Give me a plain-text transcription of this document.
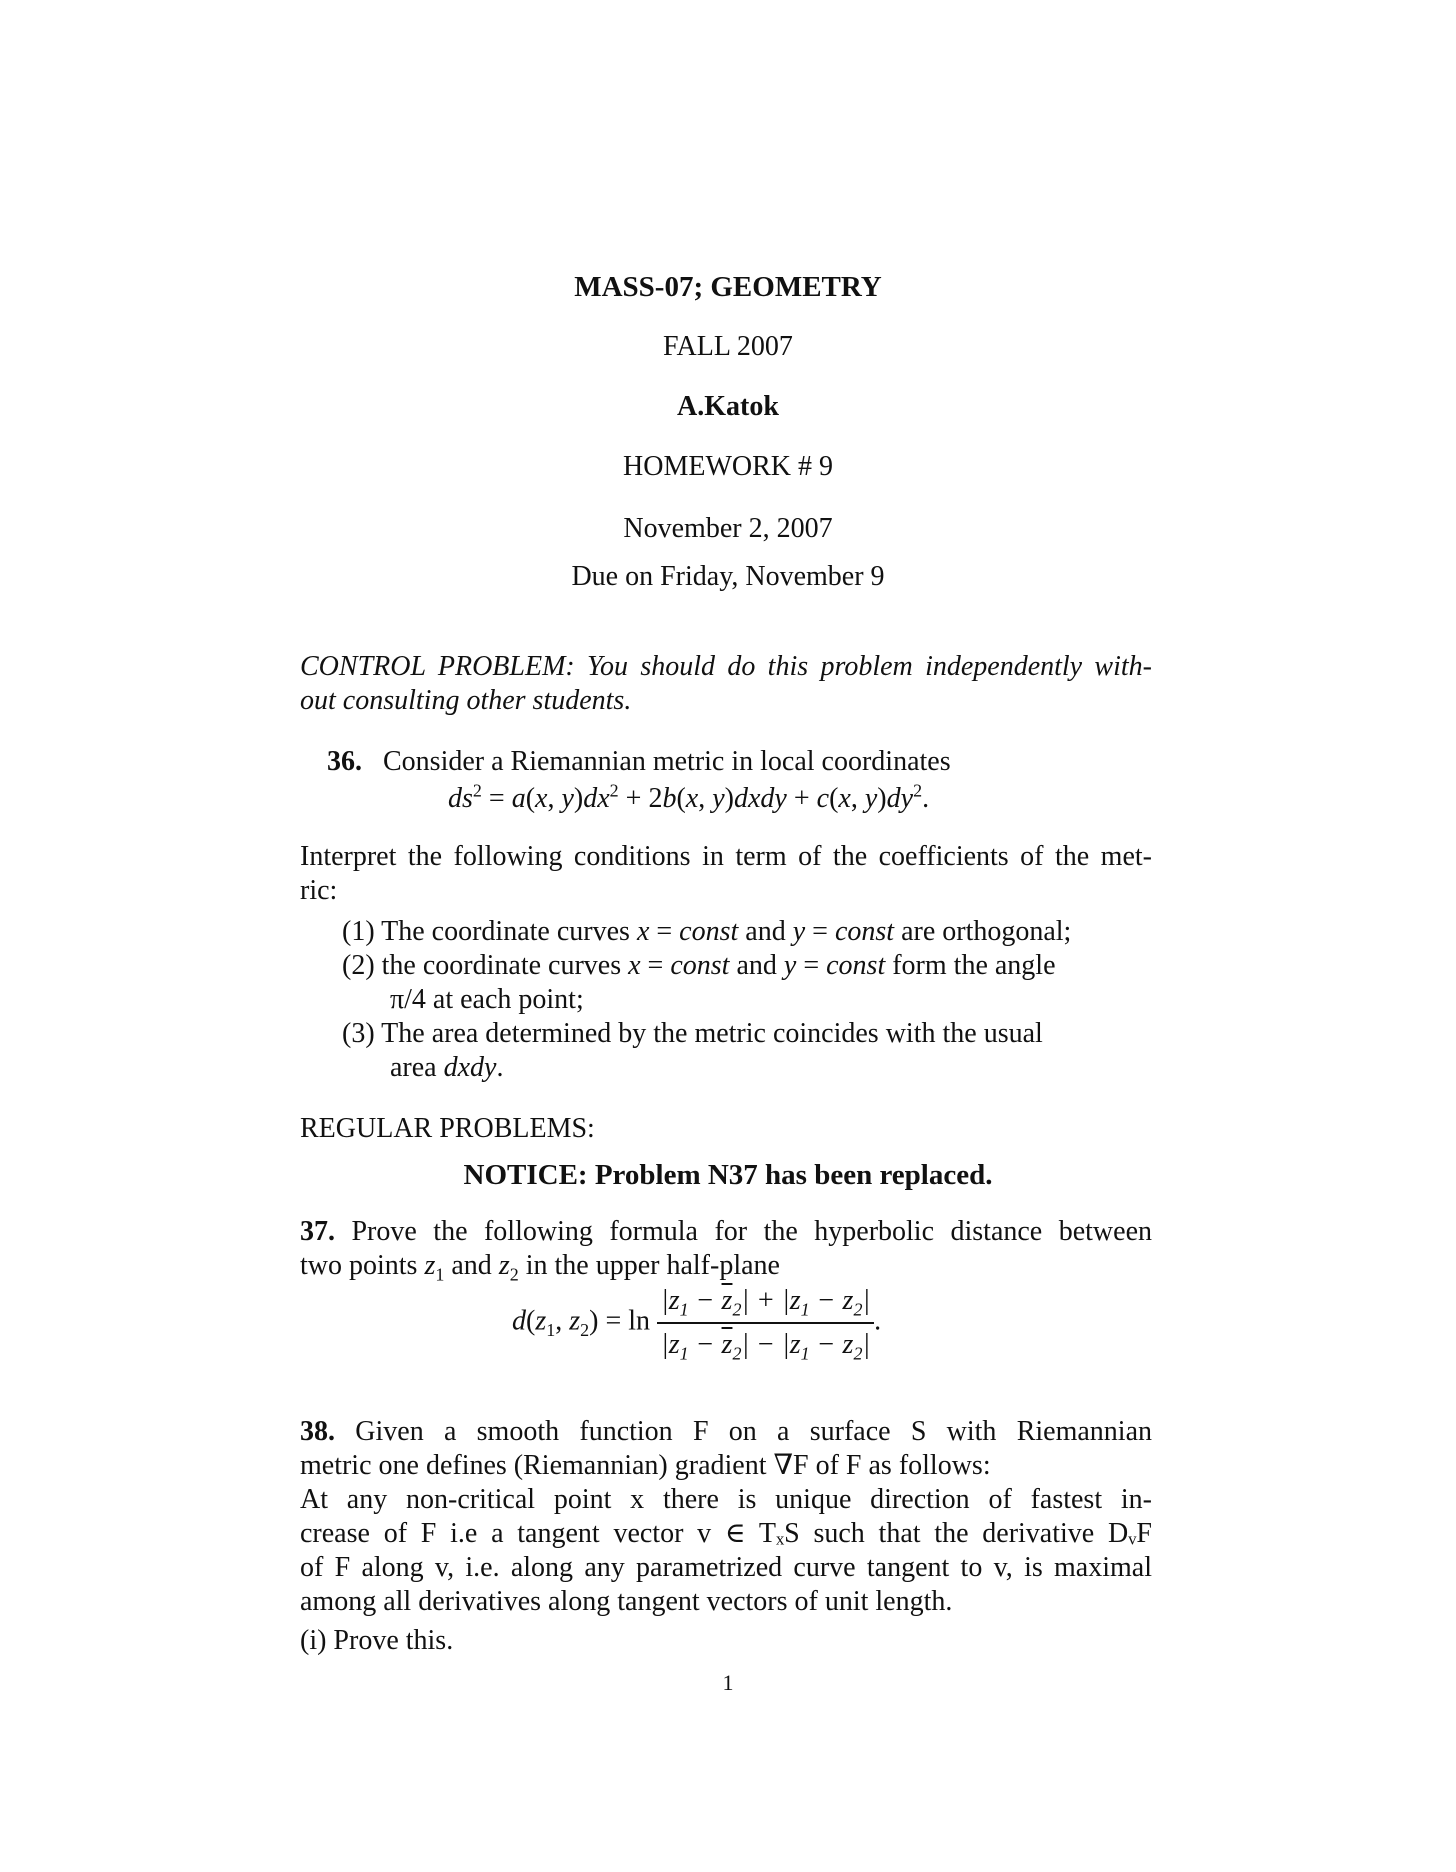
MASS-07; GEOMETRY
FALL 2007
A.Katok
HOMEWORK # 9
November 2, 2007
Due on Friday, November 9
CONTROL PROBLEM: You should do this problem independently with-
out consulting other students.
36. Consider a Riemannian metric in local coordinates
$ds^2 = a(x$, $y)dx^2 + 2b(x$, y)dxdy + c(x, $y)dy^2$.
Interpret the following conditions in term of the coefficients of the met-
ric:
(1) The coordinate curves x = const and y = const are orthogonal;
(2) the coordinate curves x = const and y = const form the angle
π/4 at each point;
(3) The area determined by the metric coincides with the usual
area dxdy.
REGULAR PROBLEMS:
NOTICE: Problem N37 has been replaced.
37. Prove the following formula for the hyperbolic distance between
two points $z_1$ and $z_2$ in the upper half-plane
$d(z_1$, $z_2) = \ln \frac{|z_1 - \overline{z}_2| + |z_1 - z_2|}{|z_1 - \overline{z}_2| - |z_1 - z_2|}$ .
38. Given a smooth function F on a surface S with Riemannian
metric one defines (Riemannian) gradient ∇F of F as follows:
At any non-critical point x there is unique direction of fastest in-
crease of F i.e a tangent vector v ∈ TₓS such that the derivative DᵥF
of F along v, i.e. along any parametrized curve tangent to v, is maximal
among all derivatives along tangent vectors of unit length.
(i) Prove this.
1
